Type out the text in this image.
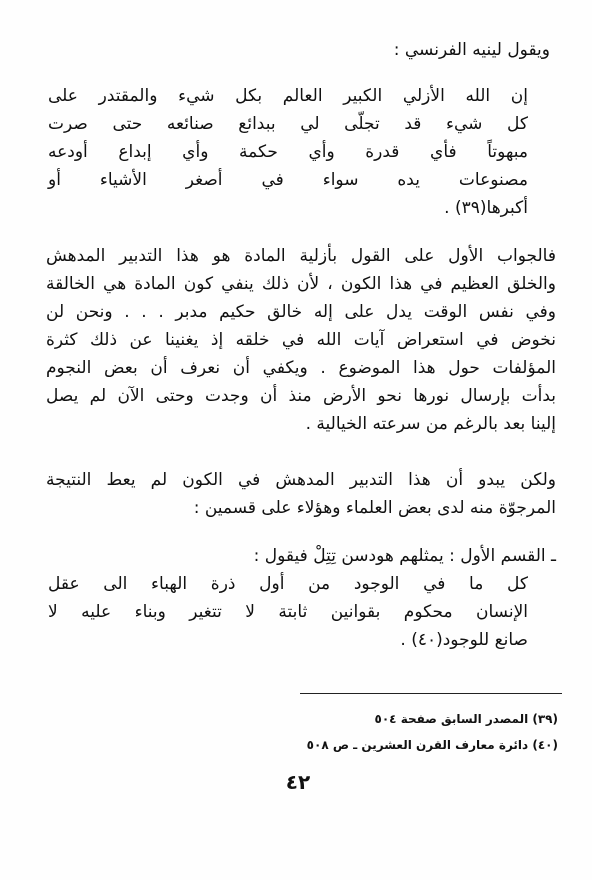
ويقول لينيه الفرنسي :
إن الله الأزلي الكبير العالم بكل شيء والمقتدر على
كل شيء قد تجلّى لي ببدائع صنائعه حتى صرت
مبهوتاً فأي قدرة وأي حكمة وأي إبداع أودعه
مصنوعات يده سواء في أصغر الأشياء أو
أكبرها(٣٩) .
فالجواب الأول على القول بأزلية المادة هو هذا التدبير المدهش
والخلق العظيم في هذا الكون ، لأن ذلك ينفي كون المادة هي الخالقة
وفي نفس الوقت يدل على إله خالق حكيم مدبر . . . ونحن لن
نخوض في استعراض آيات الله في خلقه إذ يغنينا عن ذلك كثرة
المؤلفات حول هذا الموضوع . ويكفي أن نعرف أن بعض النجوم
بدأت بإرسال نورها نحو الأرض منذ أن وجدت وحتى الآن لم يصل
إلينا بعد بالرغم من سرعته الخيالية .
ولكن يبدو أن هذا التدبير المدهش في الكون لم يعط النتيجة
المرجوّة منه لدى بعض العلماء وهؤلاء على قسمين :
ـ القسم الأول : يمثلهم هودسن تِتِلْ فيقول :
كل ما في الوجود من أول ذرة الهباء الى عقل
الإنسان محكوم بقوانين ثابتة لا تتغير وبناء عليه لا
صانع للوجود(٤٠) .
(٣٩) المصدر السابق صفحة ٥٠٤
(٤٠) دائرة معارف القرن العشرين ـ ص ٥٠٨
٤٢
